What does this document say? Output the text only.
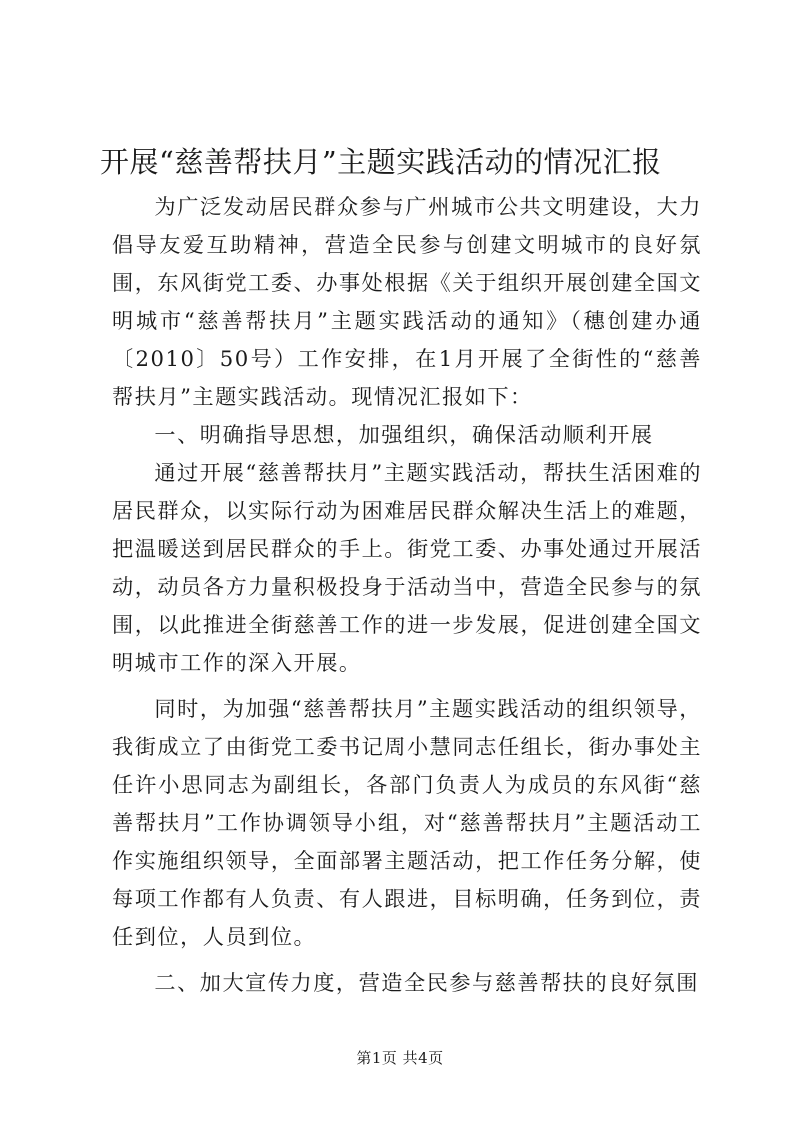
开展“慈善帮扶月”主题实践活动的情况汇报

为广泛发动居民群众参与广州城市公共文明建设，大力倡导友爱互助精神，营造全民参与创建文明城市的良好氛围，东风街党工委、办事处根据《关于组织开展创建全国文明城市“慈善帮扶月”主题实践活动的通知》（穗创建办通〔2010〕50号）工作安排，在1月开展了全街性的“慈善帮扶月”主题实践活动。现情况汇报如下：

一、明确指导思想，加强组织，确保活动顺利开展

通过开展“慈善帮扶月”主题实践活动，帮扶生活困难的居民群众，以实际行动为困难居民群众解决生活上的难题，把温暖送到居民群众的手上。街党工委、办事处通过开展活动，动员各方力量积极投身于活动当中，营造全民参与的氛围，以此推进全街慈善工作的进一步发展，促进创建全国文明城市工作的深入开展。

同时，为加强“慈善帮扶月”主题实践活动的组织领导，我街成立了由街党工委书记周小慧同志任组长，街办事处主任许小思同志为副组长，各部门负责人为成员的东风街“慈善帮扶月”工作协调领导小组，对“慈善帮扶月”主题活动工作实施组织领导，全面部署主题活动，把工作任务分解，使每项工作都有人负责、有人跟进，目标明确，任务到位，责任到位，人员到位。

二、加大宣传力度，营造全民参与慈善帮扶的良好氛围
第1页 共4页
